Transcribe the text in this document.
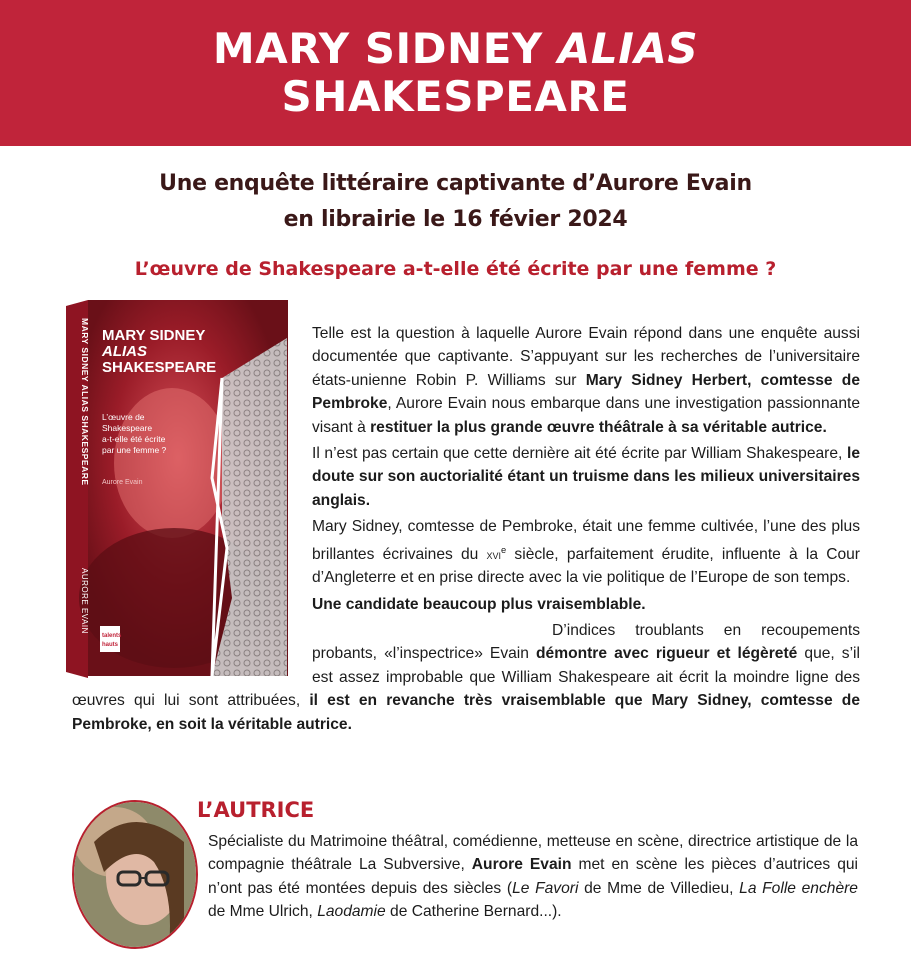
MARY SIDNEY ALIAS
SHAKESPEARE
Une enquête littéraire captivante d’Aurore Evain
en librairie le 16 févier 2024
L’œuvre de Shakespeare a-t-elle été écrite par une femme ?
MARY SIDNEY
ALIAS
SHAKESPEARE
L’œuvre de
Shakespeare
a-t-elle été écrite
par une femme ?
Aurore Evain
MARY SIDNEY ALIAS SHAKESPEARE
AURORE EVAIN
talents
hauts

Telle est la question à laquelle Aurore Evain répond dans une enquête aussi documentée que captivante. S’appuyant sur les recherches de l’universitaire états-unienne Robin P. Williams sur Mary Sidney Herbert, comtesse de Pembroke, Aurore Evain nous embarque dans une investigation passionnante visant à restituer la plus grande œuvre théâtrale à sa véritable autrice.

Il n’est pas certain que cette dernière ait été écrite par William Shakespeare, le doute sur son auctorialité étant un truisme dans les milieux universitaires anglais.

Mary Sidney, comtesse de Pembroke, était une femme cultivée, l’une des plus brillantes écrivaines du xvi$^e$ siècle, parfaitement érudite, influente à la Cour d’Angleterre et en prise directe avec la vie politique de l’Europe de son temps.

Une candidate beaucoup plus vraisemblable.

D’indices troublants en recoupements probants, «l’inspectrice» Evain démontre avec rigueur et légèreté que, s’il est assez improbable que William Shakespeare ait écrit la moindre ligne des œuvres qui lui sont attribuées, il est en revanche très vraisemblable que Mary Sidney, comtesse de Pembroke, en soit la véritable autrice.

L’AUTRICE

Spécialiste du Matrimoine théâtral, comédienne, metteuse en scène, directrice artistique de la compagnie théâtrale La Subversive, Aurore Evain met en scène les pièces d’autrices qui n’ont pas été montées depuis des siècles (Le Favori de Mme de Villedieu, La Folle enchère de Mme Ulrich, Laodamie de Catherine Bernard...).
